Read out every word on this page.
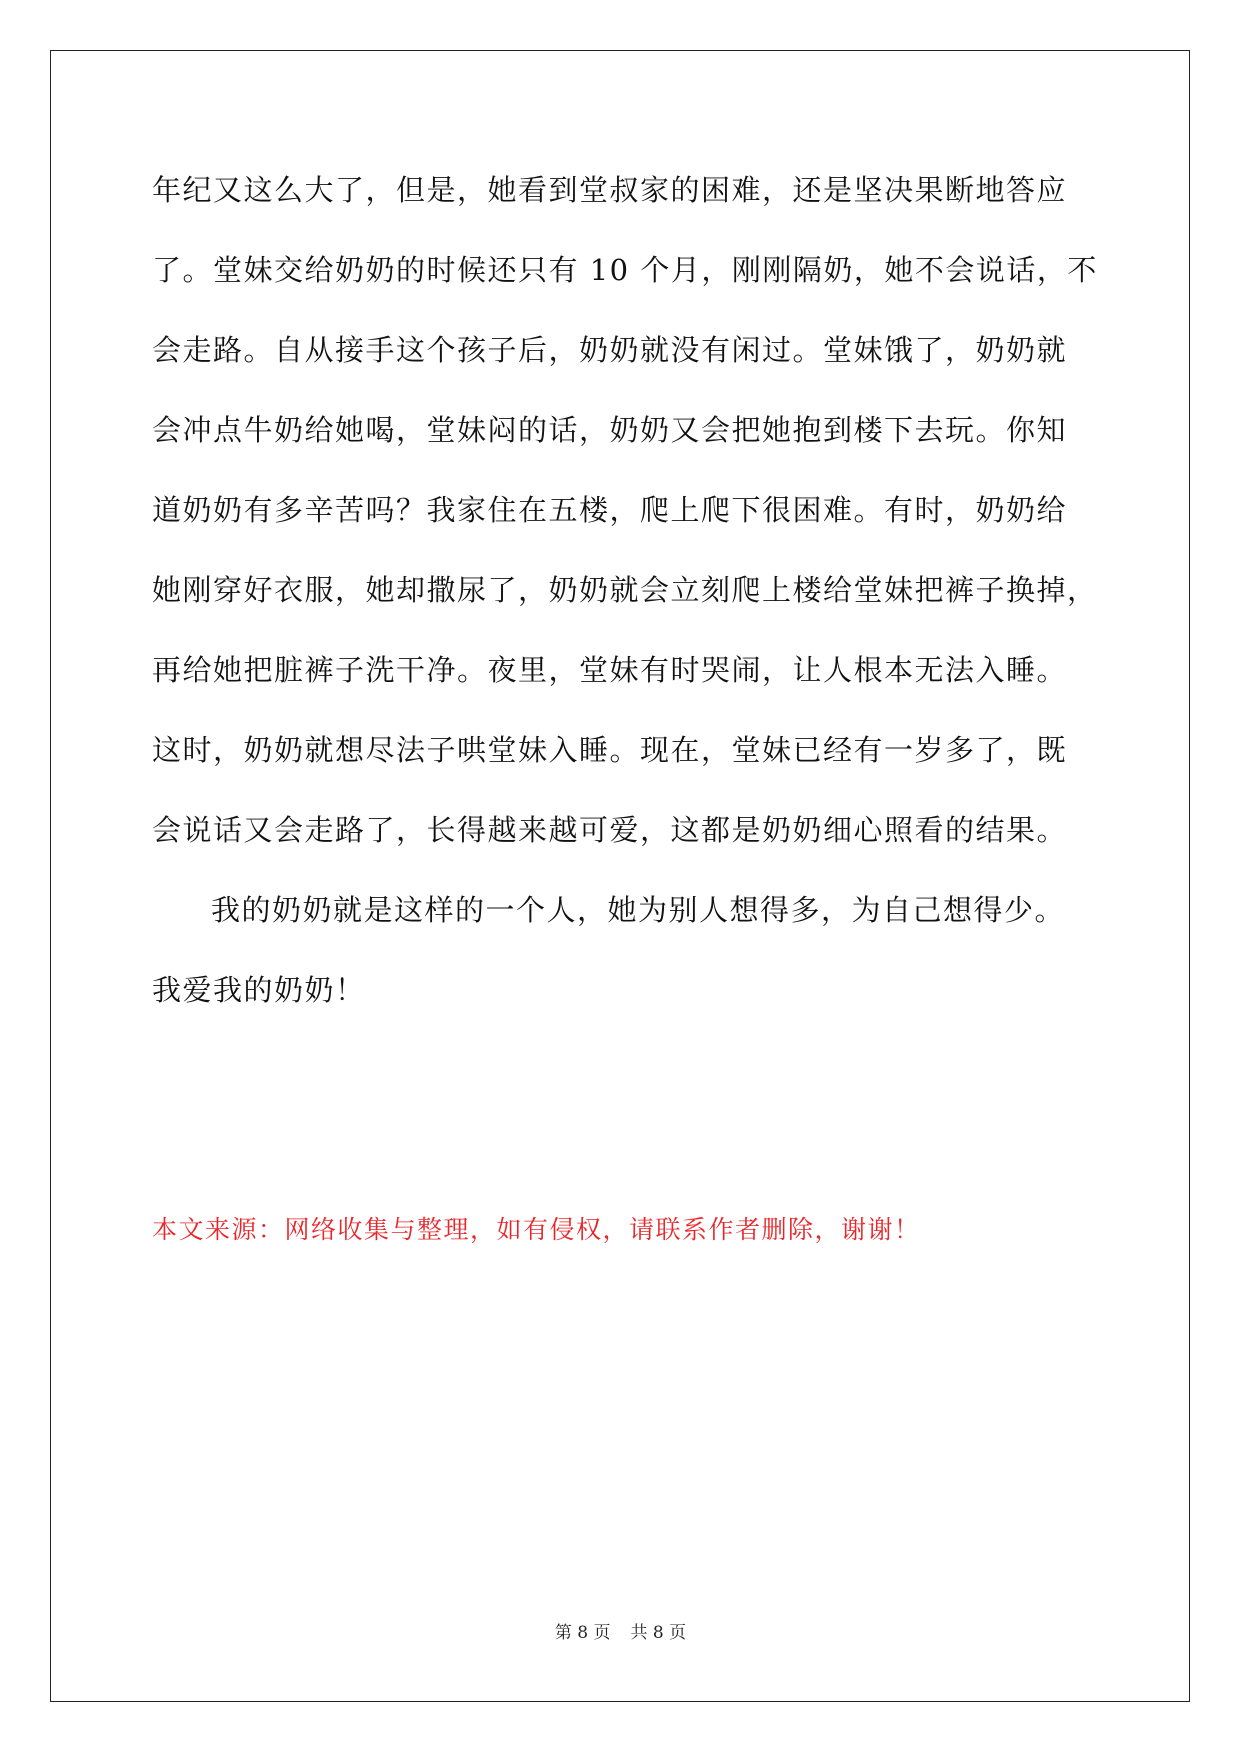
年纪又这么大了，但是，她看到堂叔家的困难，还是坚决果断地答应
了。堂妹交给奶奶的时候还只有 10 个月，刚刚隔奶，她不会说话，不
会走路。自从接手这个孩子后，奶奶就没有闲过。堂妹饿了，奶奶就
会冲点牛奶给她喝，堂妹闷的话，奶奶又会把她抱到楼下去玩。你知
道奶奶有多辛苦吗？我家住在五楼，爬上爬下很困难。有时，奶奶给
她刚穿好衣服，她却撒尿了，奶奶就会立刻爬上楼给堂妹把裤子换掉，
再给她把脏裤子洗干净。夜里，堂妹有时哭闹，让人根本无法入睡。
这时，奶奶就想尽法子哄堂妹入睡。现在，堂妹已经有一岁多了，既
会说话又会走路了，长得越来越可爱，这都是奶奶细心照看的结果。
我的奶奶就是这样的一个人，她为别人想得多，为自己想得少。
我爱我的奶奶！
本文来源：网络收集与整理，如有侵权，请联系作者删除，谢谢！
第 8 页 共 8 页
